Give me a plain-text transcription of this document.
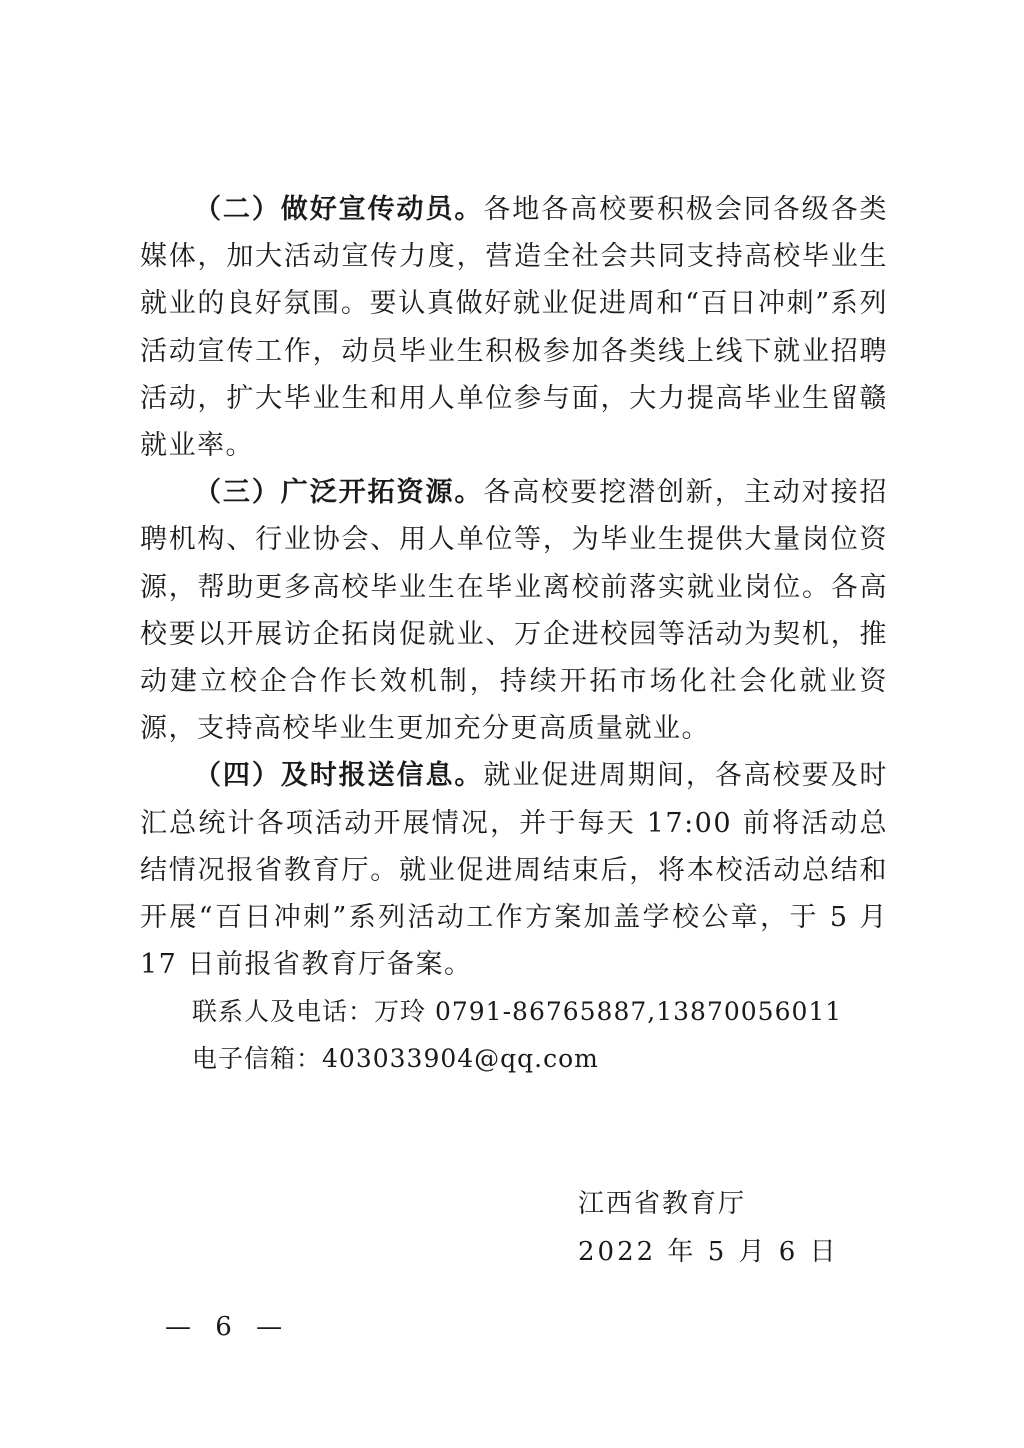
（二）做好宣传动员。各地各高校要积极会同各级各类媒体，加大活动宣传力度，营造全社会共同支持高校毕业生就业的良好氛围。要认真做好就业促进周和“百日冲刺”系列活动宣传工作，动员毕业生积极参加各类线上线下就业招聘活动，扩大毕业生和用人单位参与面，大力提高毕业生留赣就业率。

（三）广泛开拓资源。各高校要挖潜创新，主动对接招聘机构、行业协会、用人单位等，为毕业生提供大量岗位资源，帮助更多高校毕业生在毕业离校前落实就业岗位。各高校要以开展访企拓岗促就业、万企进校园等活动为契机，推动建立校企合作长效机制，持续开拓市场化社会化就业资源，支持高校毕业生更加充分更高质量就业。

（四）及时报送信息。就业促进周期间，各高校要及时汇总统计各项活动开展情况，并于每天 17:00 前将活动总结情况报省教育厅。就业促进周结束后，将本校活动总结和开展“百日冲刺”系列活动工作方案加盖学校公章，于 5 月 17 日前报省教育厅备案。

联系人及电话：万玲 0791-86765887,13870056011

电子信箱：403033904@qq.com

江西省教育厅
2022 年 5 月 6 日
— 6 —
